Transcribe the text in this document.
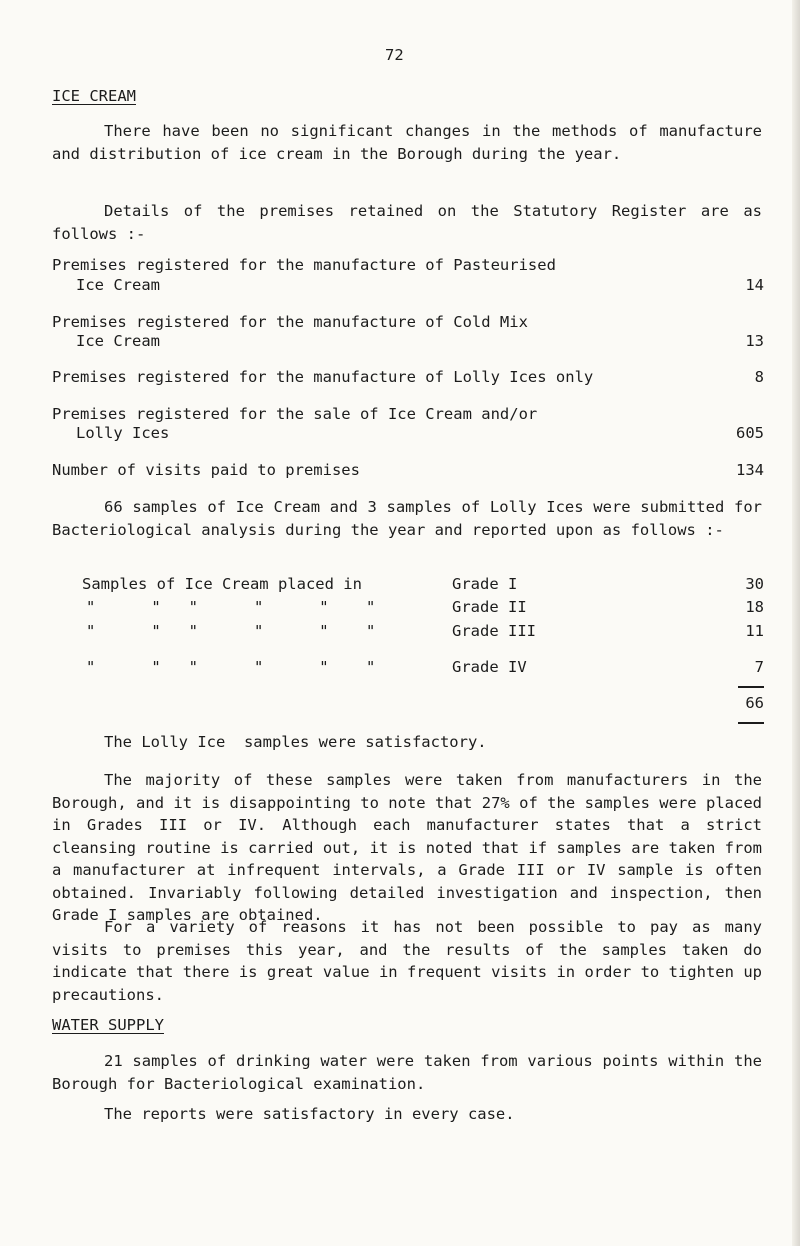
72
ICE CREAM
There have been no significant changes in the methods of manufacture and distribution of ice cream in the Borough during the year.
Details of the premises retained on the Statutory Register are as follows :-
Premises registered for the manufacture of Pasteurised
Ice Cream	14
Premises registered for the manufacture of Cold Mix
Ice Cream	13
Premises registered for the manufacture of Lolly Ices only	8
Premises registered for the sale of Ice Cream and/or
Lolly Ices	605
Number of visits paid to premises	134
66 samples of Ice Cream and 3 samples of Lolly Ices were submitted for Bacteriological analysis during the year and reported upon as follows :-
Samples of Ice Cream placed in	Grade I	30
"      "   "      "      "    "	Grade II	18
"      "   "      "      "    "	Grade III	11
"      "   "      "      "    "	Grade IV	7
66
The Lolly Ice  samples were satisfactory.
The majority of these samples were taken from manufacturers in the Borough, and it is disappointing to note that 27% of the samples were placed in Grades III or IV. Although each manufacturer states that a strict cleansing routine is carried out, it is noted that if samples are taken from a manufacturer at infrequent intervals, a Grade III or IV sample is often obtained. Invariably following detailed investigation and inspection, then Grade I samples are obtained.
For a variety of reasons it has not been possible to pay as many visits to premises this year, and the results of the samples taken do indicate that there is great value in frequent visits in order to tighten up precautions.
WATER SUPPLY
21 samples of drinking water were taken from various points within the Borough for Bacteriological examination.
The reports were satisfactory in every case.
